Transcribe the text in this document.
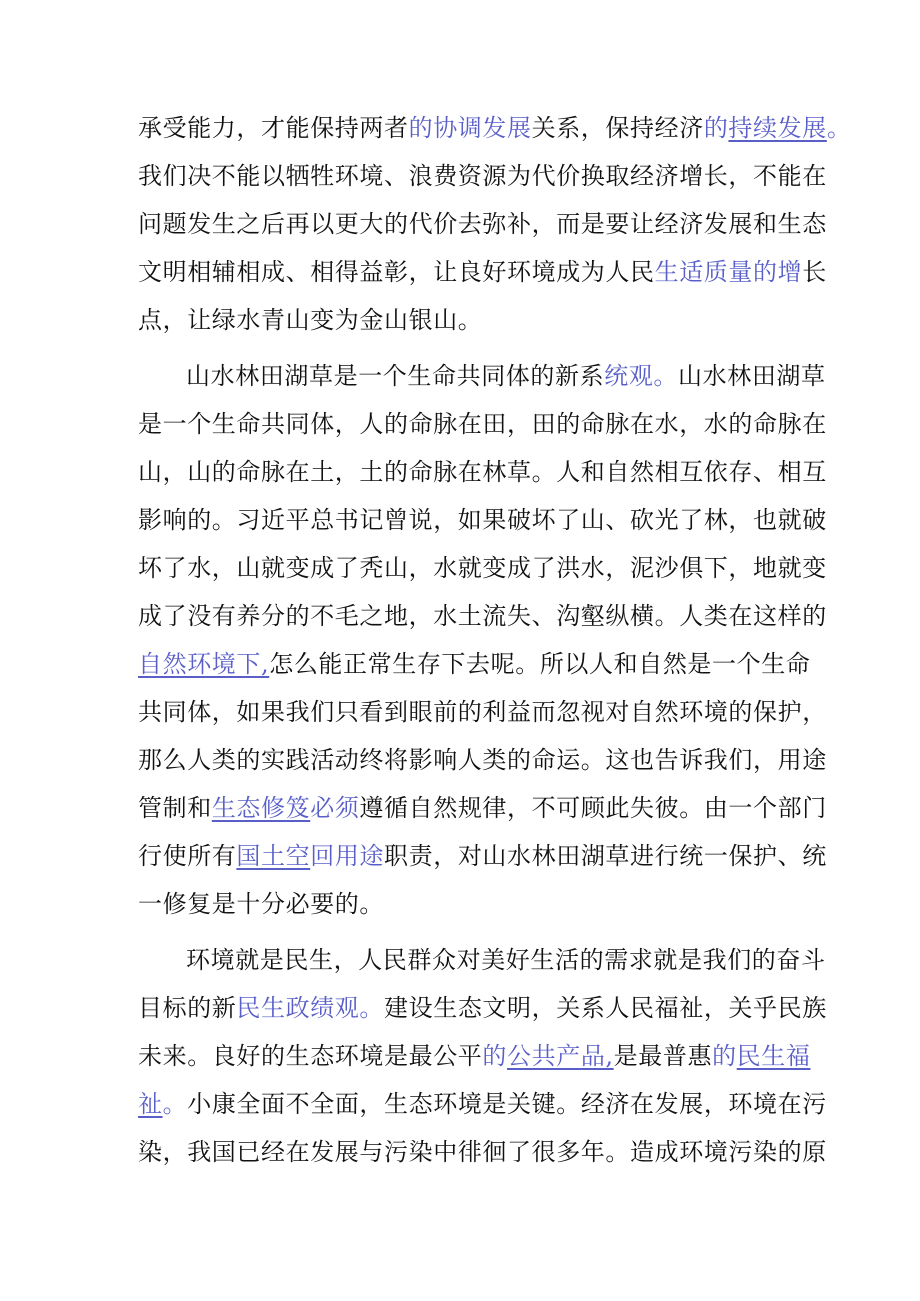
承受能力，才能保持两者的协调发展关系，保持经济的持续发展。
我们决不能以牺牲环境、浪费资源为代价换取经济增长，不能在
问题发生之后再以更大的代价去弥补，而是要让经济发展和生态
文明相辅相成、相得益彰，让良好环境成为人民生适质量的增长
点，让绿水青山变为金山银山。
山水林田湖草是一个生命共同体的新系统观。山水林田湖草
是一个生命共同体，人的命脉在田，田的命脉在水，水的命脉在
山，山的命脉在土，土的命脉在林草。人和自然相互依存、相互
影响的。习近平总书记曾说，如果破坏了山、砍光了林，也就破
坏了水，山就变成了秃山，水就变成了洪水，泥沙俱下，地就变
成了没有养分的不毛之地，水土流失、沟壑纵横。人类在这样的
自然环境下,怎么能正常生存下去呢。所以人和自然是一个生命
共同体，如果我们只看到眼前的利益而忽视对自然环境的保护，
那么人类的实践活动终将影响人类的命运。这也告诉我们，用途
管制和生态修笈必须遵循自然规律，不可顾此失彼。由一个部门
行使所有国土空回用途职责，对山水林田湖草进行统一保护、统
一修复是十分必要的。
环境就是民生，人民群众对美好生活的需求就是我们的奋斗
目标的新民生政绩观。建设生态文明，关系人民福祉，关乎民族
未来。良好的生态环境是最公平的公共产品,是最普惠的民生福
祉。小康全面不全面，生态环境是关键。经济在发展，环境在污
染，我国已经在发展与污染中徘徊了很多年。造成环境污染的原
